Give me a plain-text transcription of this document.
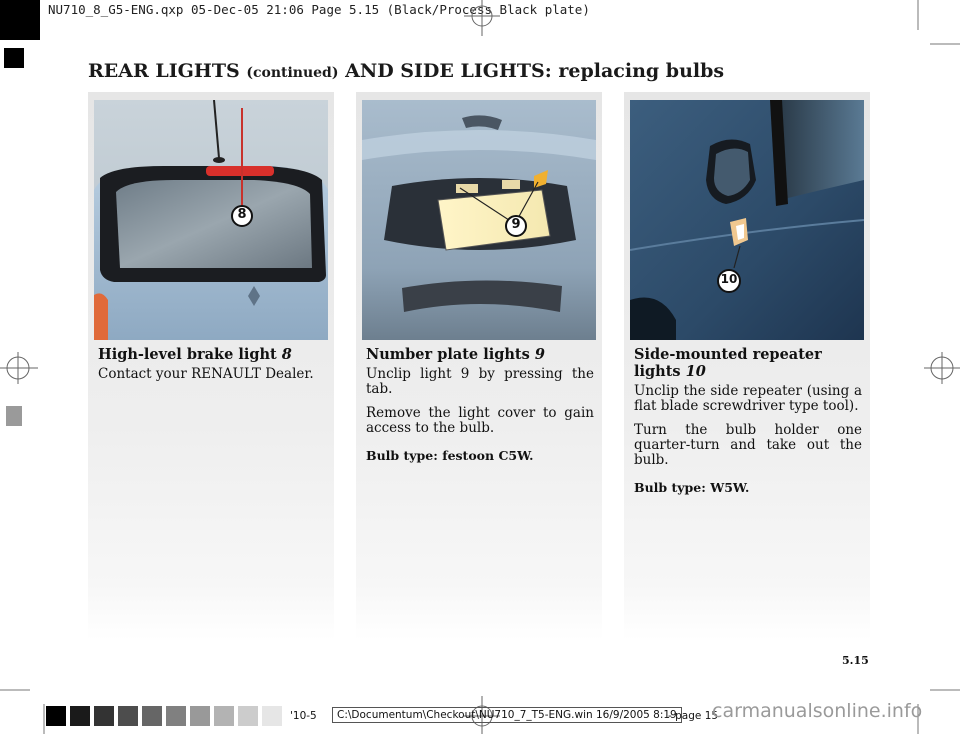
NU710_8_G5-ENG.qxp 05-Dec-05 21:06 Page 5.15 (Black/Process Black plate)
REAR LIGHTS (continued) AND SIDE LIGHTS: replacing bulbs
8
High-level brake light 8

Contact your RENAULT Dealer.

9
Number plate lights 9

Unclip light 9 by pressing the tab.

Remove the light cover to gain access to the bulb.

Bulb type: festoon C5W.

10
Side-mounted repeater lights 10

Unclip the side repeater (using a flat blade screwdriver type tool).

Turn the bulb holder one quarter-turn and take out the bulb.

Bulb type: W5W.

5.15
'10-5	C:\Documentum\Checkout\NU710_7_T5-ENG.win 16/9/2005 8:19
- page 15
carmanualsonline.info
